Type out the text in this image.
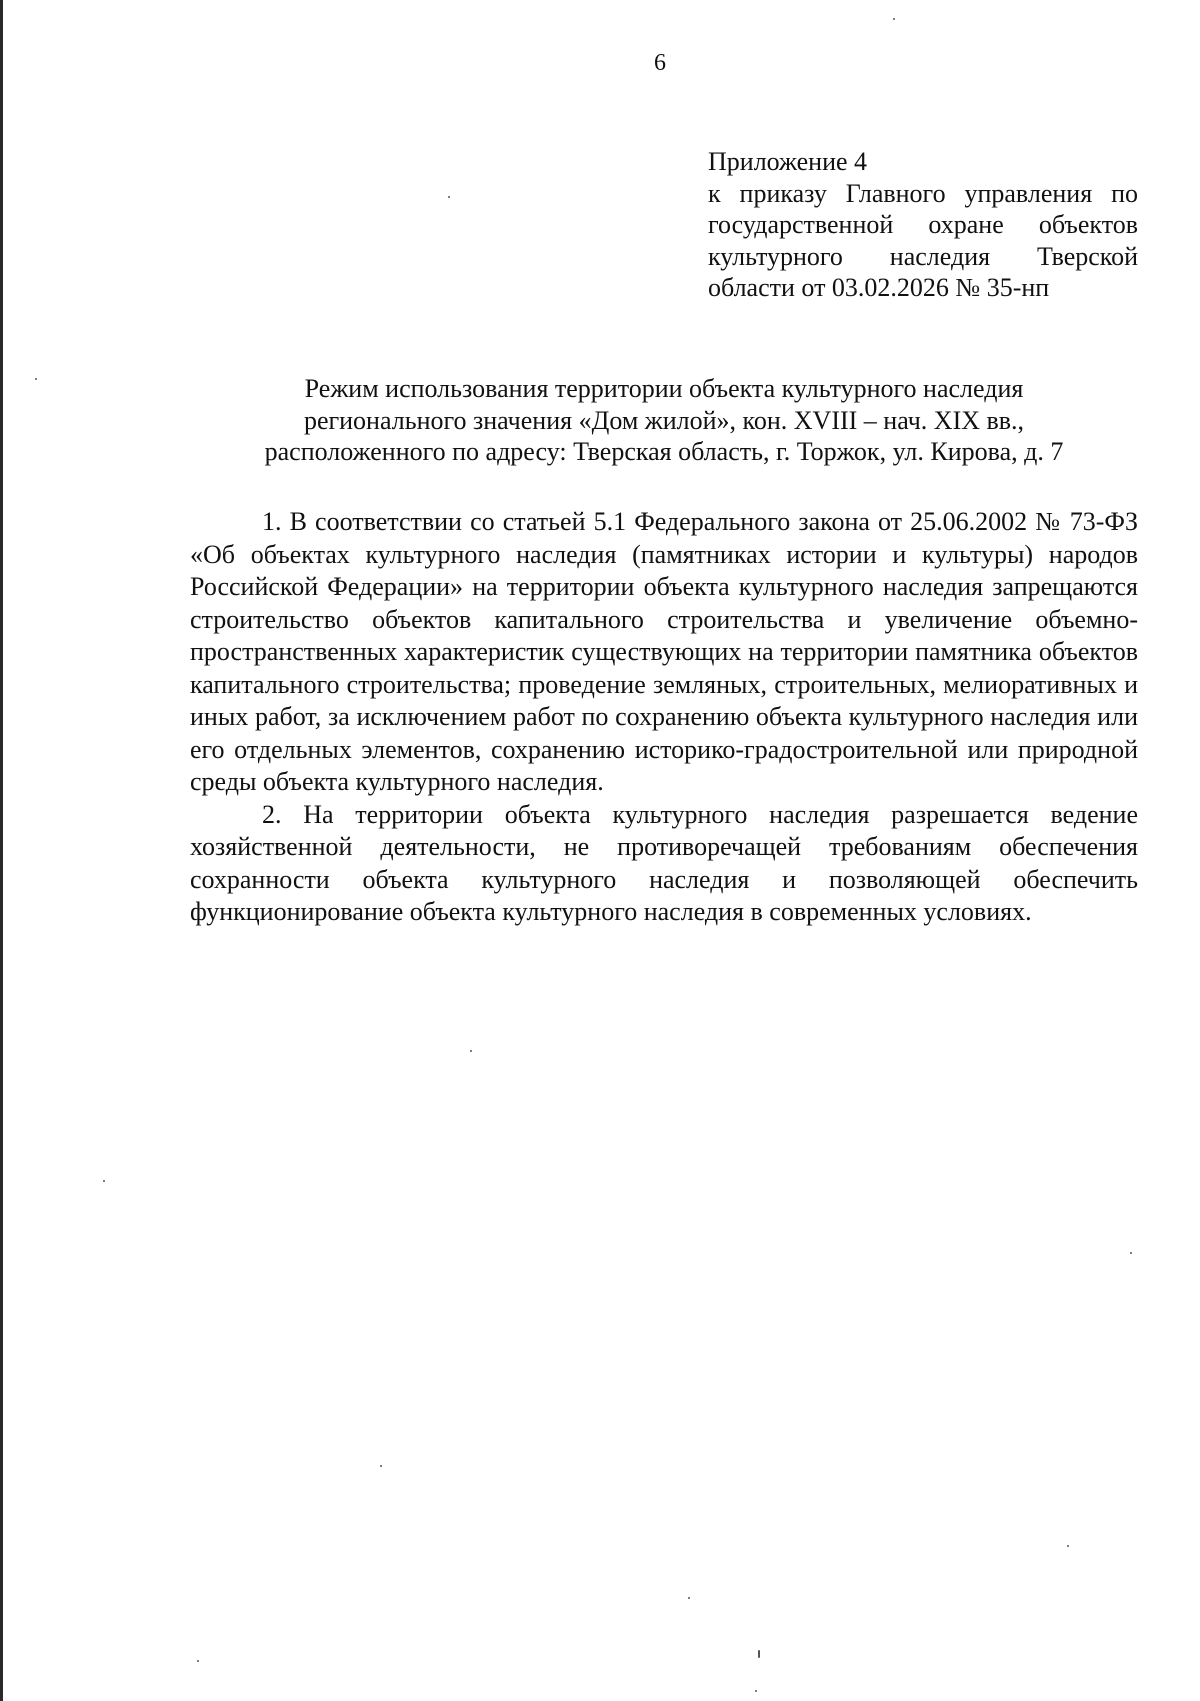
6
Приложение 4
к приказу Главного управления по
государственной охране объектов
культурного наследия Тверской
области от 03.02.2026 № 35-нп
Режим использования территории объекта культурного наследия
регионального значения «Дом жилой», кон. XVIII – нач. XIX вв.,
расположенного по адресу: Тверская область, г. Торжок, ул. Кирова, д. 7

1. В соответствии со статьей 5.1 Федерального закона от 25.06.2002 № 73-ФЗ «Об объектах культурного наследия (памятниках истории и культуры) народов Российской Федерации» на территории объекта культурного наследия запрещаются строительство объектов капитального строительства и увеличение объемно-пространственных характеристик существующих на территории памятника объектов капитального строительства; проведение земляных, строительных, мелиоративных и иных работ, за исключением работ по сохранению объекта культурного наследия или его отдельных элементов, сохранению историко-градостроительной или природной среды объекта культурного наследия.

2. На территории объекта культурного наследия разрешается ведение хозяйственной деятельности, не противоречащей требованиям обеспечения сохранности объекта культурного наследия и позволяющей обеспечить функционирование объекта культурного наследия в современных условиях.
